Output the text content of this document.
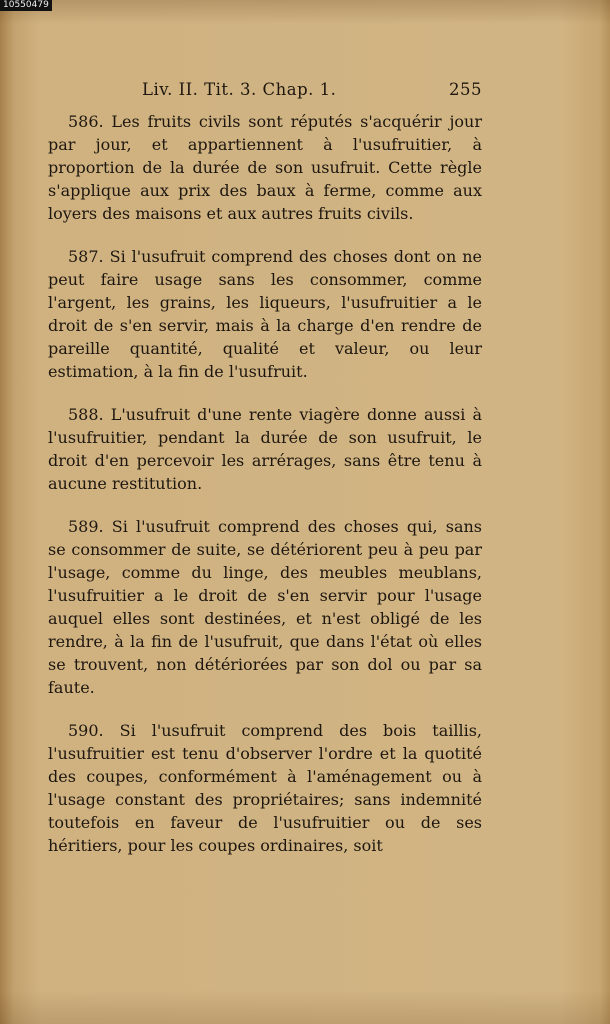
10550479
Liv. II. Tit. 3. Chap. 1.	255

586. Les fruits civils sont réputés s'acquérir jour par jour, et appartiennent à l'usufruitier, à proportion de la durée de son usufruit. Cette règle s'applique aux prix des baux à ferme, comme aux loyers des maisons et aux autres fruits civils.

587. Si l'usufruit comprend des choses dont on ne peut faire usage sans les consommer, comme l'argent, les grains, les liqueurs, l'usufruitier a le droit de s'en servir, mais à la charge d'en rendre de pareille quantité, qualité et valeur, ou leur estimation, à la fin de l'usufruit.

588. L'usufruit d'une rente viagère donne aussi à l'usufruitier, pendant la durée de son usufruit, le droit d'en percevoir les arrérages, sans être tenu à aucune restitution.

589. Si l'usufruit comprend des choses qui, sans se consommer de suite, se détériorent peu à peu par l'usage, comme du linge, des meubles meublans, l'usufruitier a le droit de s'en servir pour l'usage auquel elles sont destinées, et n'est obligé de les rendre, à la fin de l'usufruit, que dans l'état où elles se trouvent, non détériorées par son dol ou par sa faute.

590. Si l'usufruit comprend des bois taillis, l'usufruitier est tenu d'observer l'ordre et la quotité des coupes, conformément à l'aménagement ou à l'usage constant des propriétaires; sans indemnité toutefois en faveur de l'usufruitier ou de ses héritiers, pour les coupes ordinaires, soit
